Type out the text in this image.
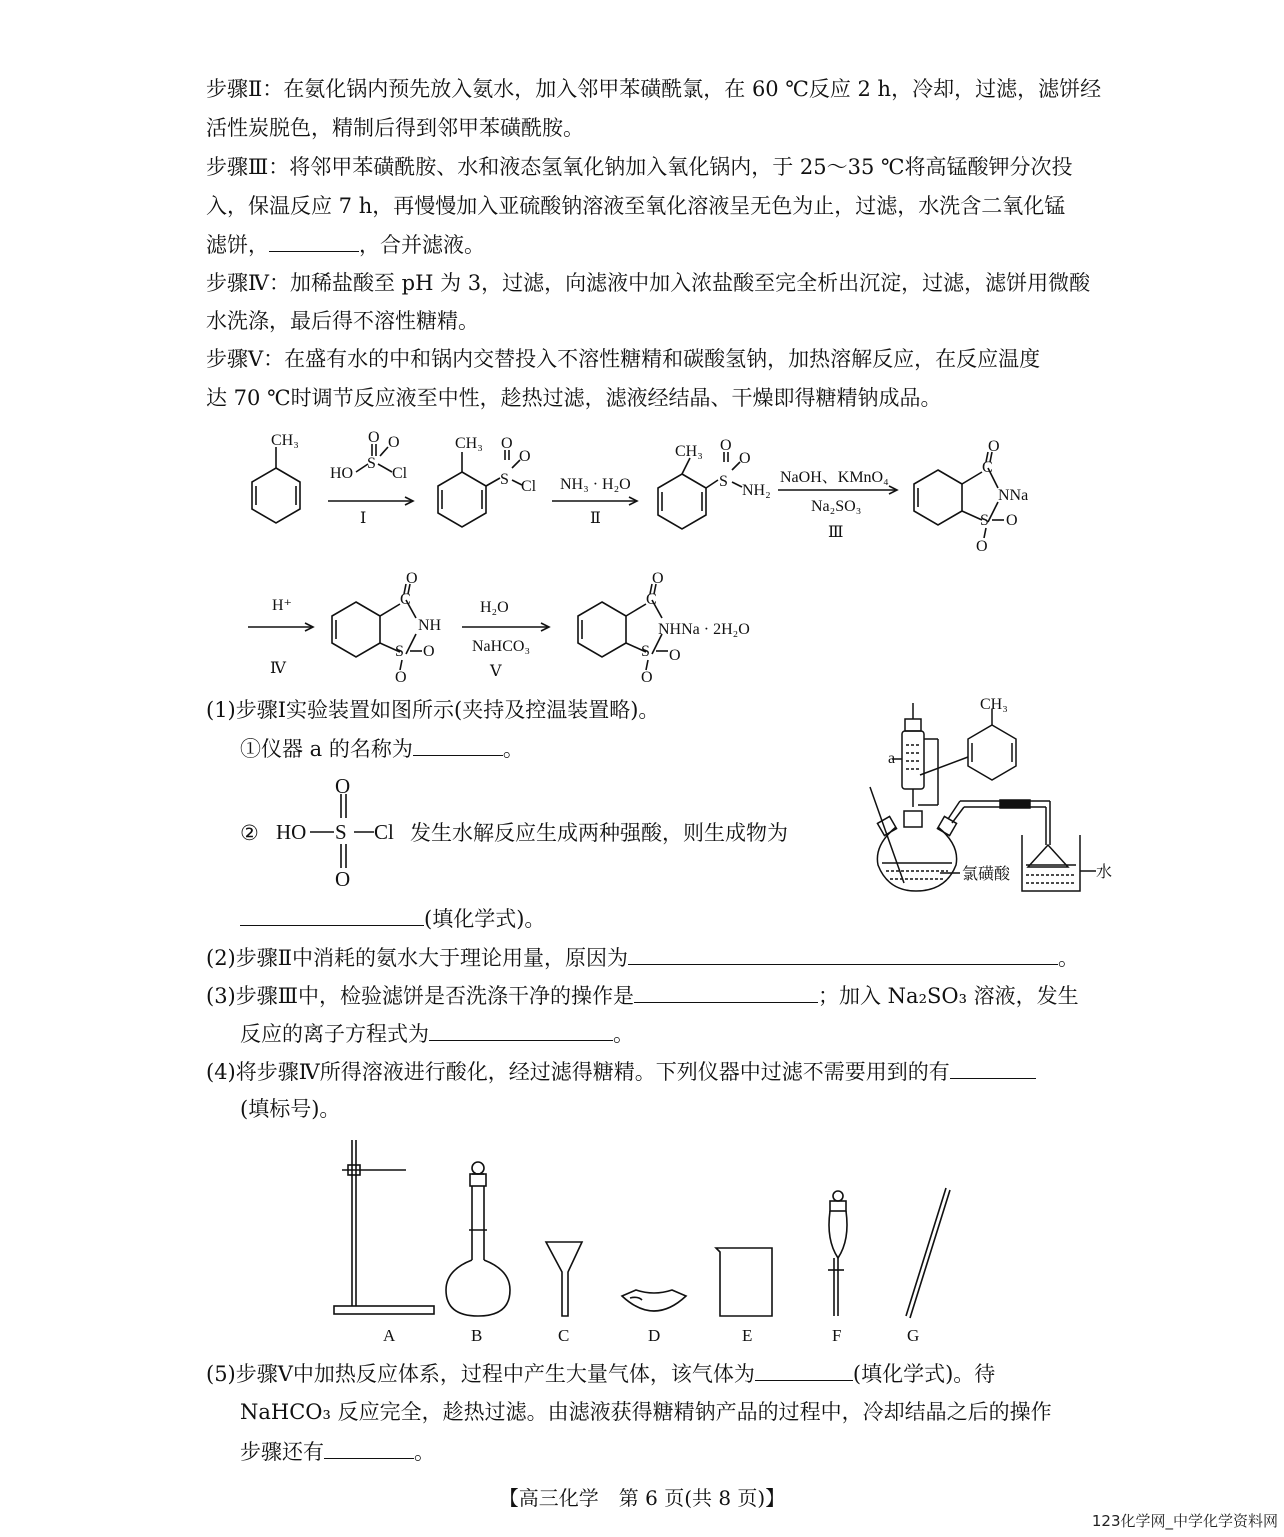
步骤Ⅱ：在氨化锅内预先放入氨水，加入邻甲苯磺酰氯，在 60 ℃反应 2 h，冷却，过滤，滤饼经
活性炭脱色，精制后得到邻甲苯磺酰胺。
步骤Ⅲ：将邻甲苯磺酰胺、水和液态氢氧化钠加入氧化锅内，于 25～35 ℃将高锰酸钾分次投
入，保温反应 7 h，再慢慢加入亚硫酸钠溶液至氧化溶液呈无色为止，过滤，水洗含二氧化锰
滤饼，	，合并滤液。
步骤Ⅳ：加稀盐酸至 pH 为 3，过滤，向滤液中加入浓盐酸至完全析出沉淀，过滤，滤饼用微酸
水洗涤，最后得不溶性糖精。
步骤Ⅴ：在盛有水的中和锅内交替投入不溶性糖精和碳酸氢钠，加热溶解反应，在反应温度
达 70 ℃时调节反应液至中性，趁热过滤，滤液经结晶、干燥即得糖精钠成品。
CH₃
HO
S
O O
Cl
Ⅰ
CH₃
S
O
O
Cl NH₃ · H₂O
Ⅱ
CH₃
S
O
O
NH₂
NaOH、KMnO₄
Na₂SO₃
Ⅲ
C
O
NNa
S O
O
H⁺
Ⅳ
C
O
NH
S O
O
H₂O
NaHCO₃
Ⅴ
C
O
NHNa · 2H₂O
S O
O
(1)步骤Ⅰ实验装置如图所示(夹持及控温装置略)。
①仪器 a 的名称为	。
② HO S Cl
O
O
发生水解反应生成两种强酸，则生成物为
(填化学式)。
a
CH₃
氯磺酸	水
(2)步骤Ⅱ中消耗的氨水大于理论用量，原因为	。
(3)步骤Ⅲ中，检验滤饼是否洗涤干净的操作是	；加入 Na₂SO₃ 溶液，发生
反应的离子方程式为	。
(4)将步骤Ⅳ所得溶液进行酸化，经过滤得糖精。下列仪器中过滤不需要用到的有
(填标号)。
A	B	C	D	E	F	G
(5)步骤Ⅴ中加热反应体系，过程中产生大量气体，该气体为	(填化学式)。待
NaHCO₃ 反应完全，趁热过滤。由滤液获得糖精钠产品的过程中，冷却结晶之后的操作
步骤还有	。
【高三化学　第 6 页(共 8 页)】
123化学网_中学化学资料网
